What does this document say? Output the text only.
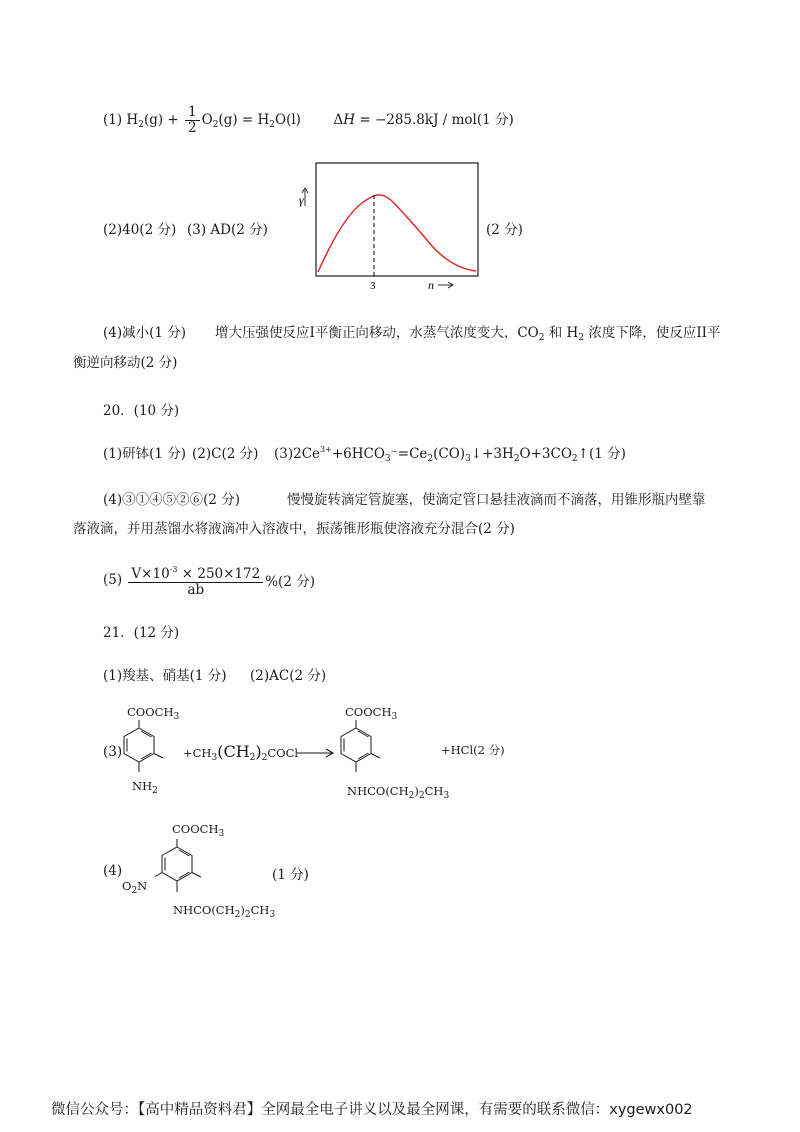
(1) $H_2(g) + \frac{1}{2} O_2(g) = H_2O(l) \Delta H = -285.8kJ / mol(1$ 分)
(2)40(2 分) (3) AD(2 分)
γ
3	n
(2 分)
(4)减小(1 分) 增大压强使反应I平衡正向移动，水蒸气浓度变大，$CO_2$ 和 $H_2$ 浓度下降，使反应II平
衡逆向移动(2 分)
20．(10 分)
(1)研钵(1 分) (2)C(2 分) $(3)2Ce^{3+}+6HCO_3^-=Ce_2(CO)_3↓+3H_2O+3CO_2↑(1$ 分)
(4)③①④⑤②⑥(2 分)	慢慢旋转滴定管旋塞，使滴定管口悬挂液滴而不滴落，用锥形瓶内壁靠
落液滴，并用蒸馏水将液滴冲入溶液中，振荡锥形瓶使溶液充分混合(2 分)
$(5) \frac{V\times 10^{-3} \times 250\times 172}{ab} \%(2$ 分)
21．(12 分)
(1)羧基、硝基(1 分) (2)AC(2 分)
(3)
$COOCH_3$
$NH_2$
$+CH_3(CH_2)_2COCl$
$COOCH_3$
$NHCO(CH_2)_2CH_3$
+HCl(2 分)
(4)
$COOCH_3$
$O_2N$
$NHCO(CH_2)_2CH_3$
(1 分)
微信公众号：【高中精品资料君】全网最全电子讲义以及最全网课，有需要的联系微信：xygewx002
